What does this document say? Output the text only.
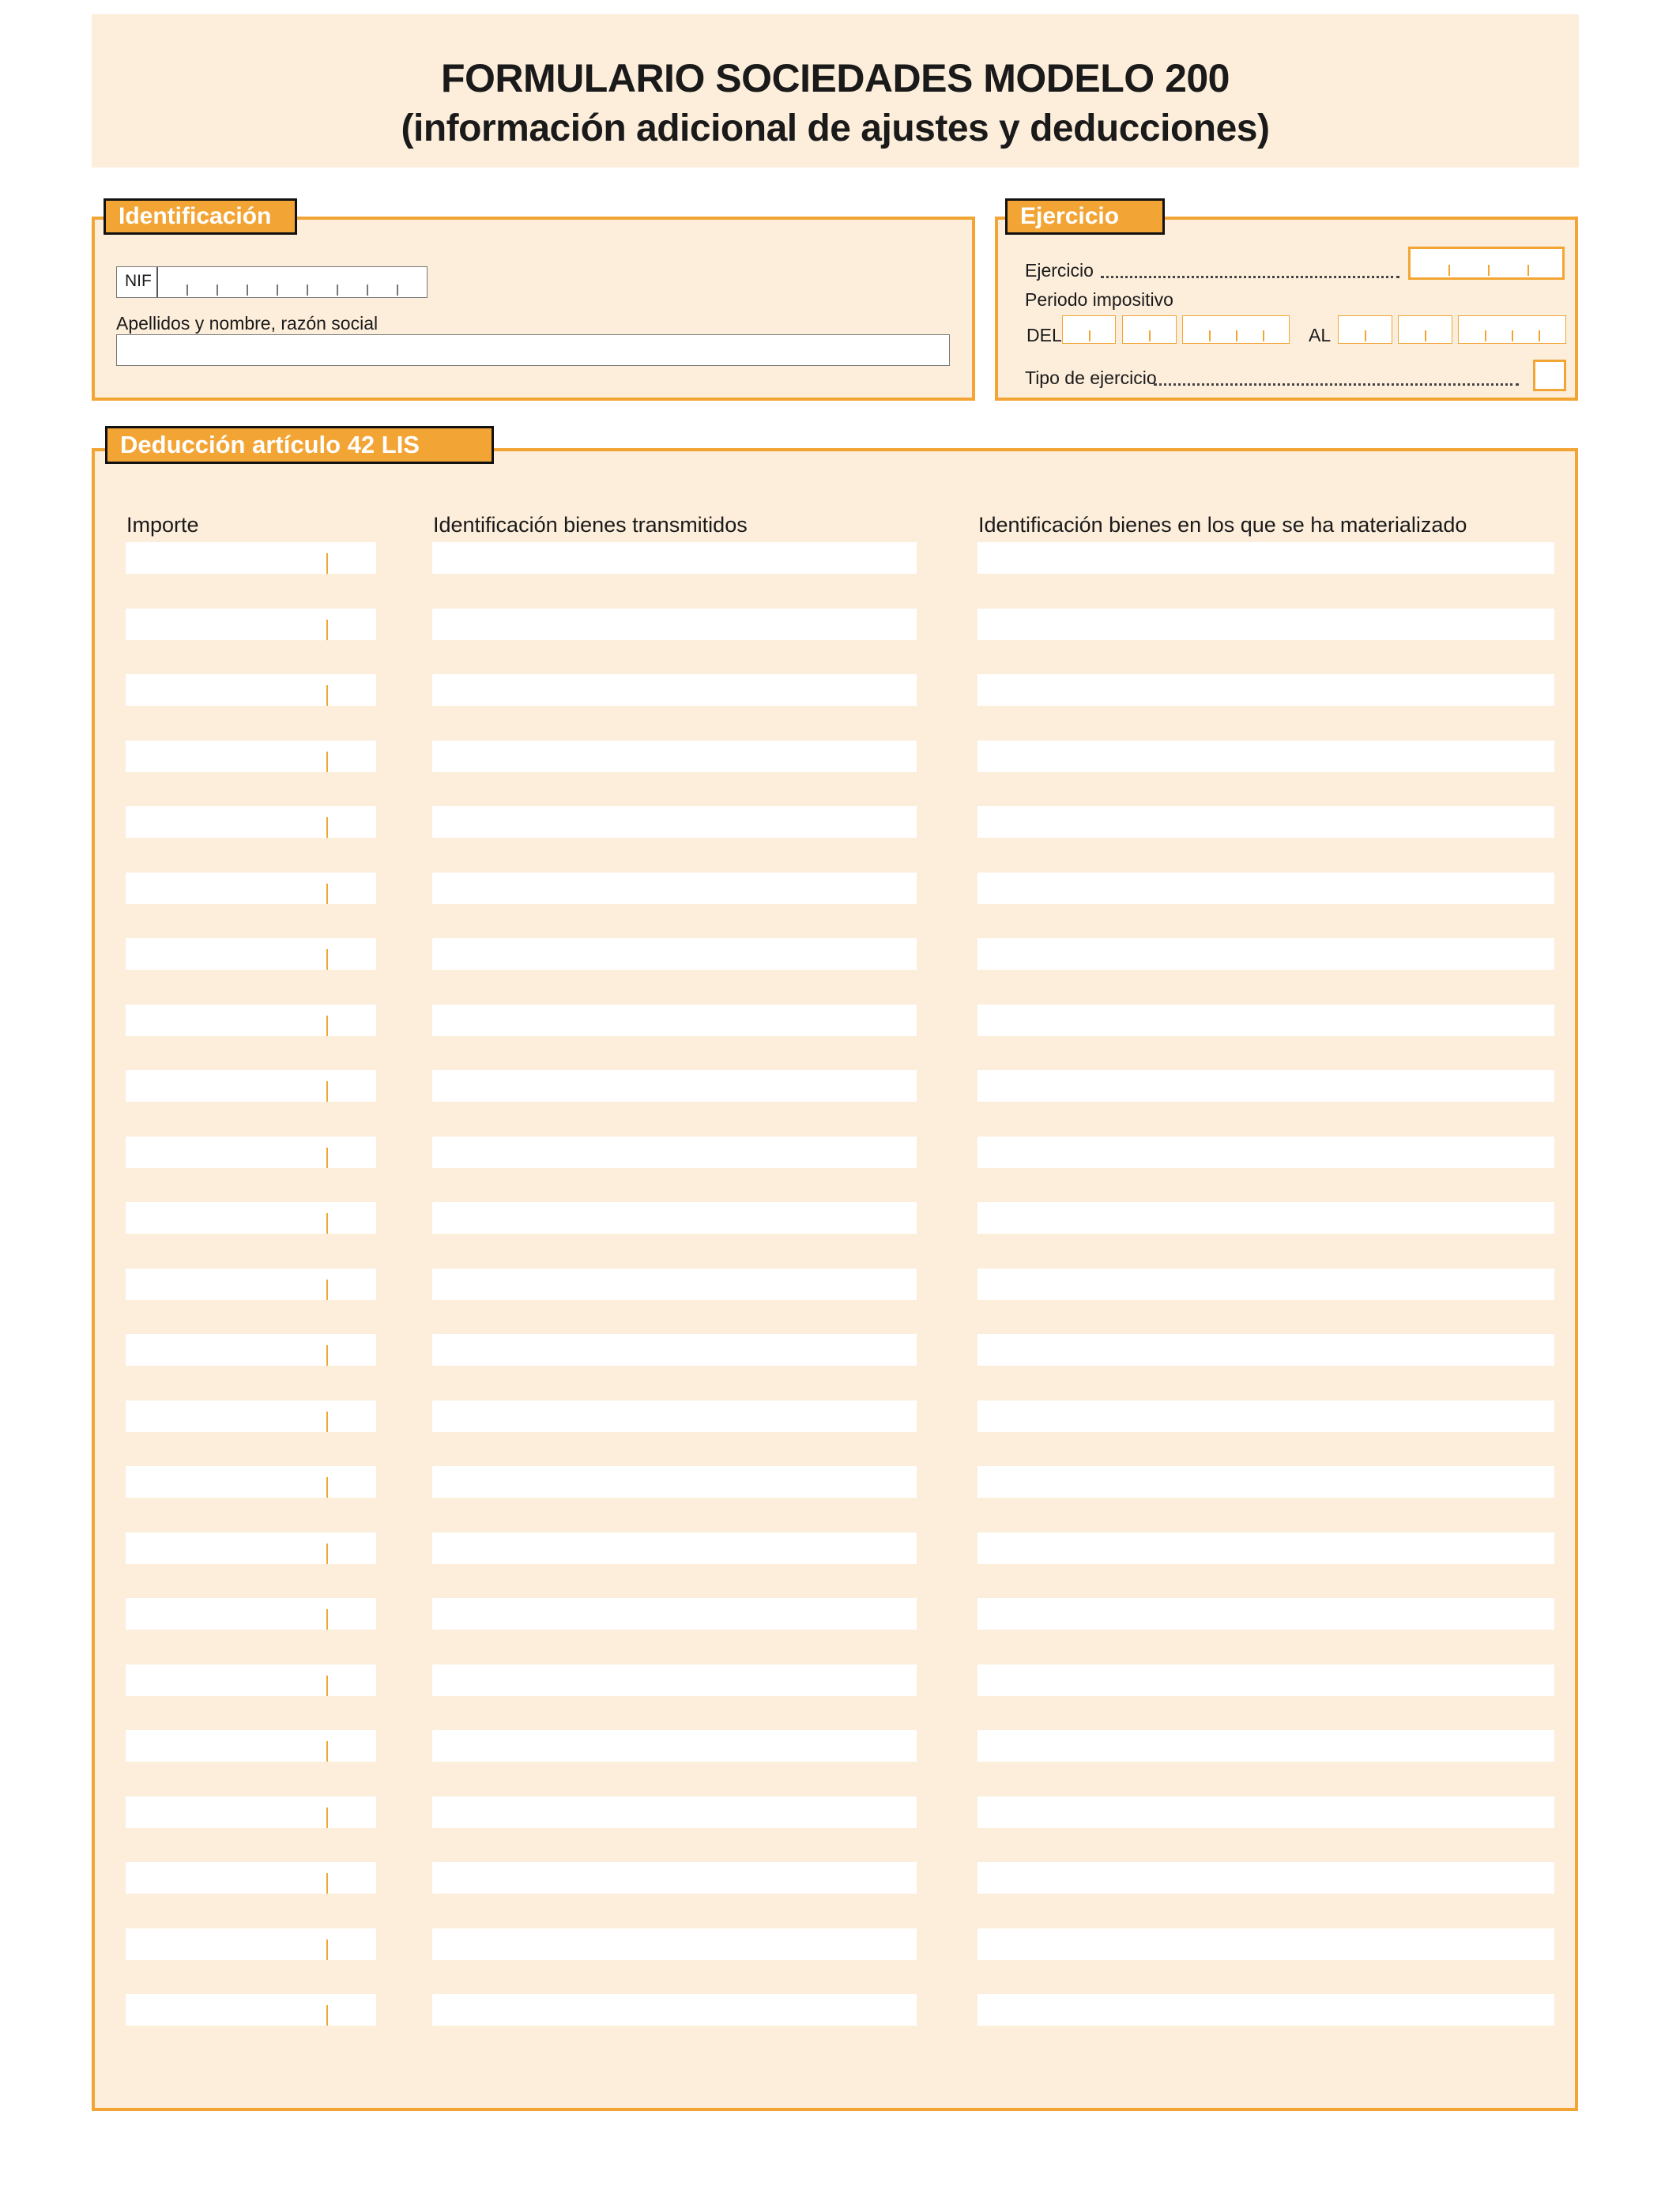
FORMULARIO SOCIEDADES MODELO 200
(información adicional de ajustes y deducciones)
NIF
Apellidos y nombre, razón social
Identificación
Ejercicio
Periodo impositivo
DEL	AL
Tipo de ejercicio
Ejercicio
Importe	Identificación bienes transmitidos	Identificación bienes en los que se ha materializado
Deducción artículo 42 LIS
